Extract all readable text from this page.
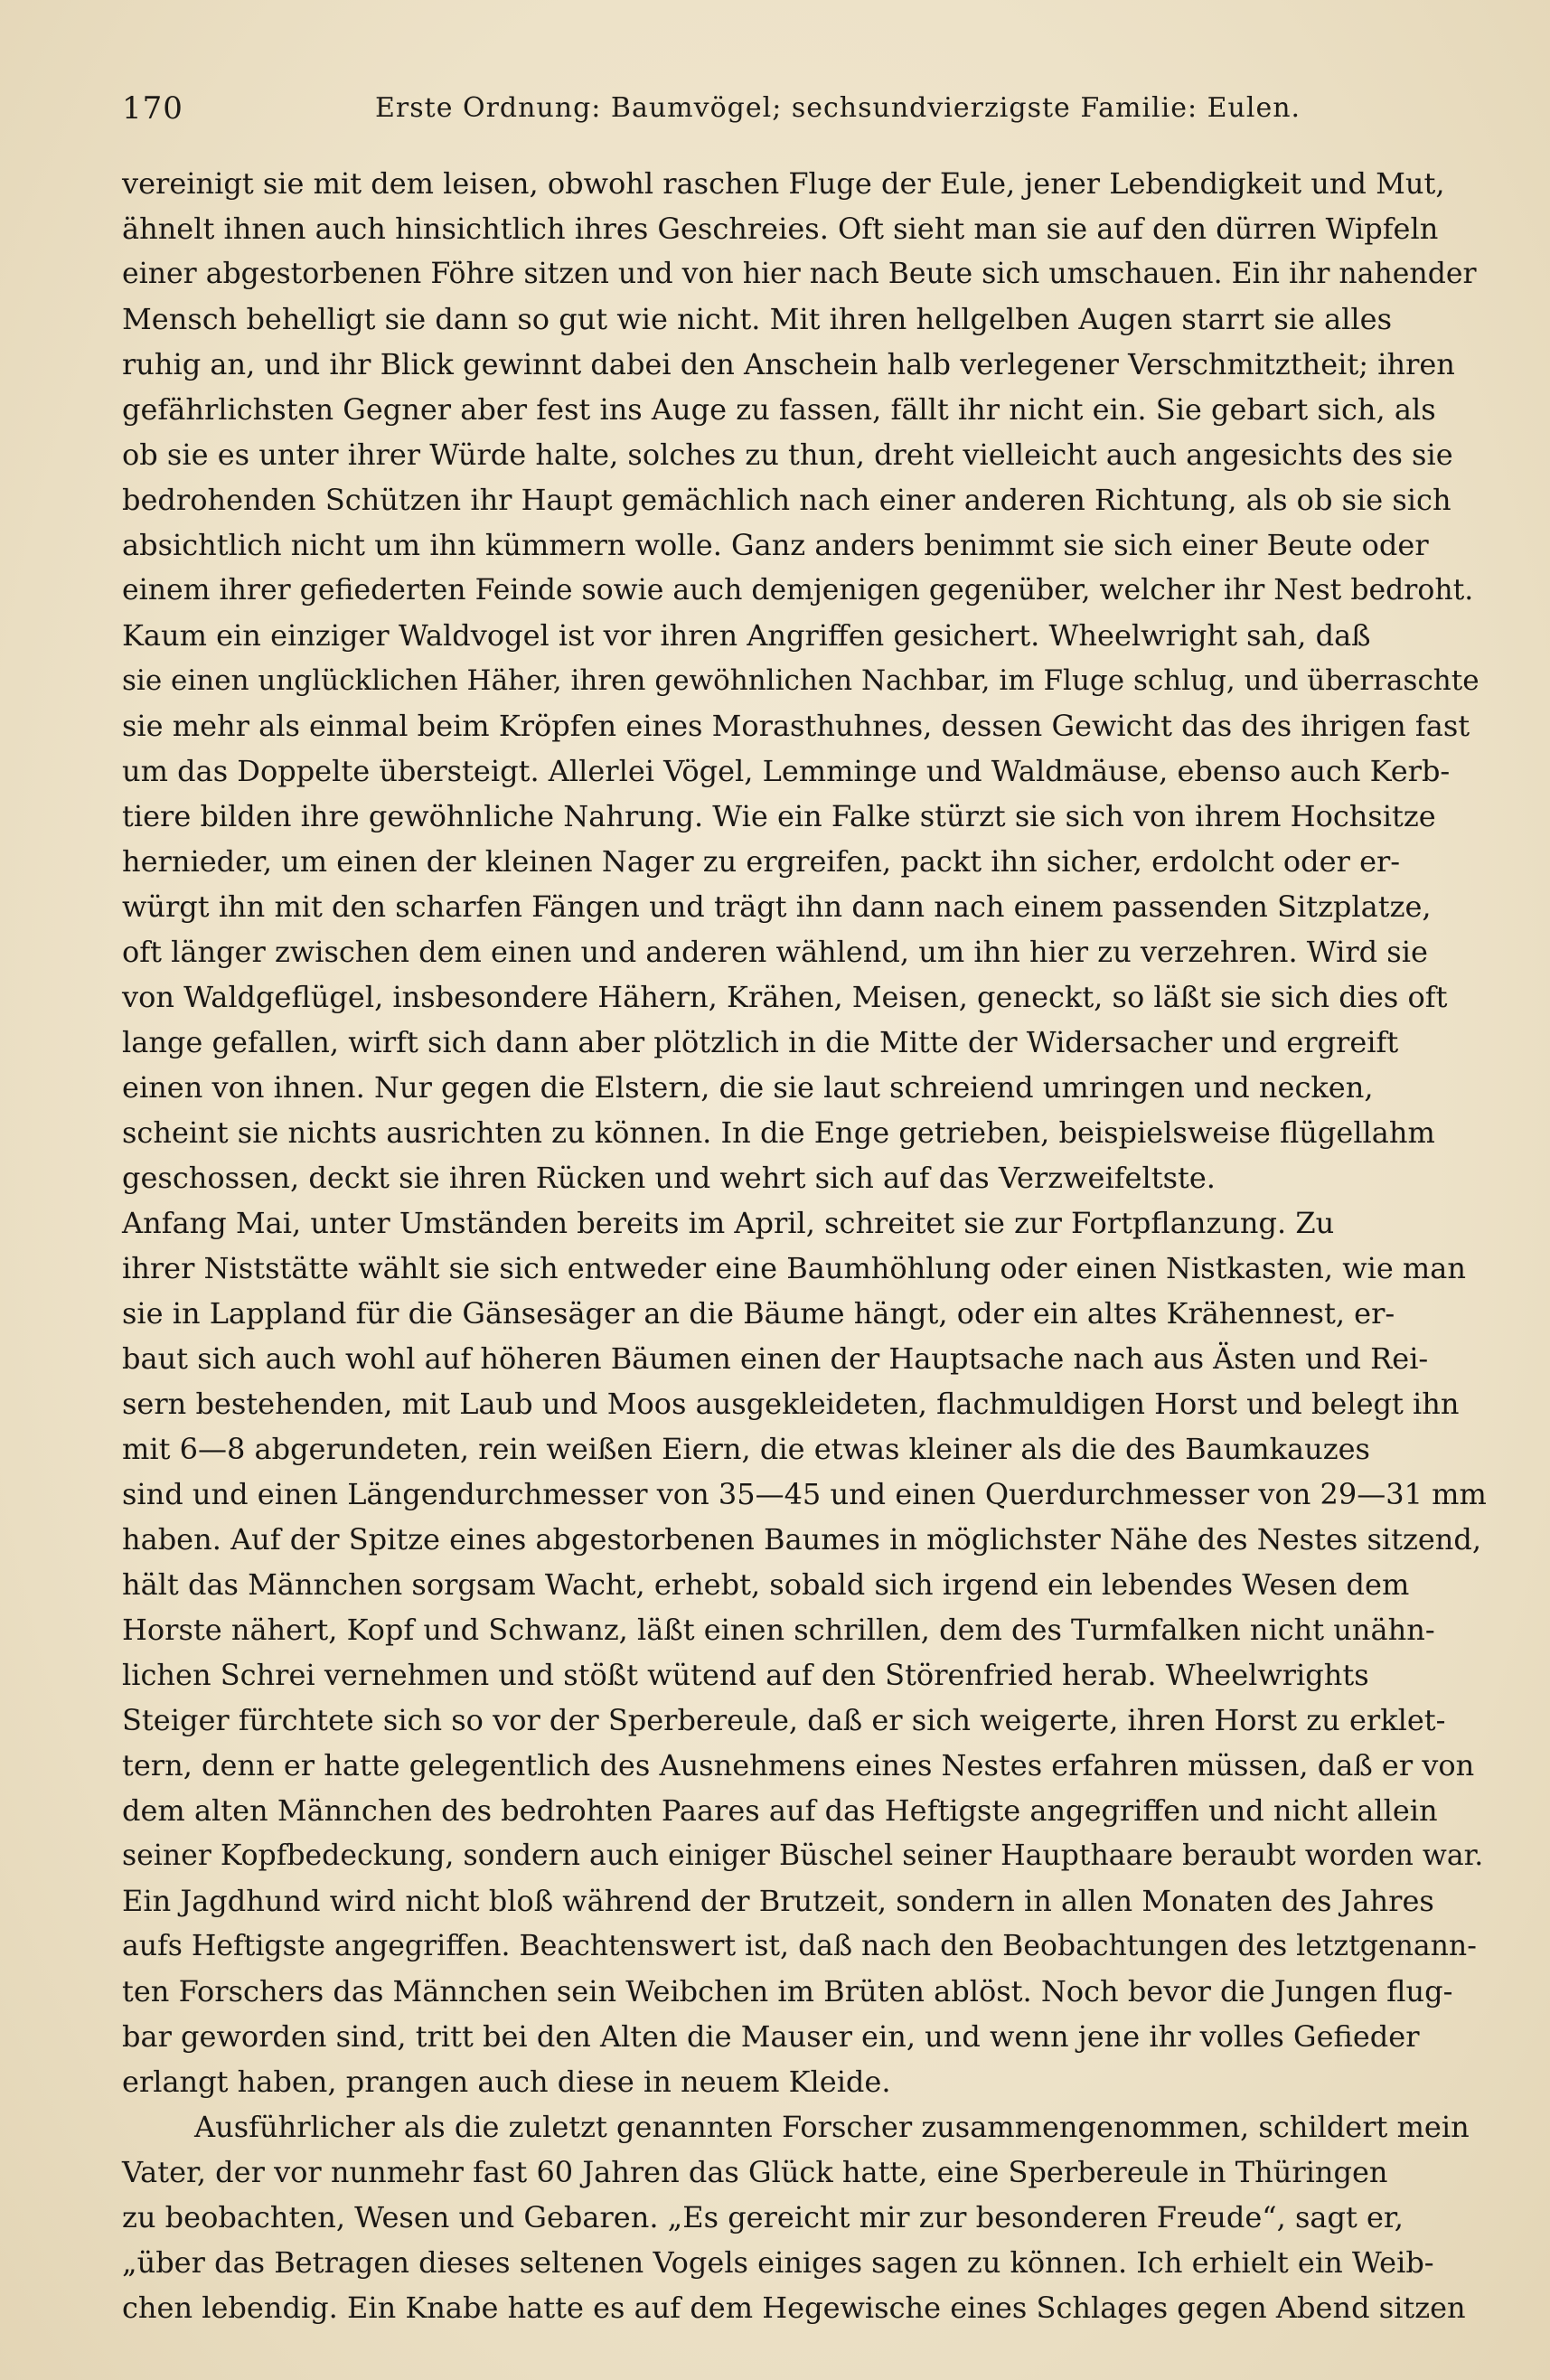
170	Erste Ordnung: Baumvögel; sechsundvierzigste Familie: Eulen.
vereinigt sie mit dem leisen, obwohl raschen Fluge der Eule, jener Lebendigkeit und Mut,
ähnelt ihnen auch hinsichtlich ihres Geschreies. Oft sieht man sie auf den dürren Wipfeln
einer abgestorbenen Föhre sitzen und von hier nach Beute sich umschauen. Ein ihr nahender
Mensch behelligt sie dann so gut wie nicht. Mit ihren hellgelben Augen starrt sie alles
ruhig an, und ihr Blick gewinnt dabei den Anschein halb verlegener Verschmitztheit; ihren
gefährlichsten Gegner aber fest ins Auge zu fassen, fällt ihr nicht ein. Sie gebart sich, als
ob sie es unter ihrer Würde halte, solches zu thun, dreht vielleicht auch angesichts des sie
bedrohenden Schützen ihr Haupt gemächlich nach einer anderen Richtung, als ob sie sich
absichtlich nicht um ihn kümmern wolle. Ganz anders benimmt sie sich einer Beute oder
einem ihrer gefiederten Feinde sowie auch demjenigen gegenüber, welcher ihr Nest bedroht.
Kaum ein einziger Waldvogel ist vor ihren Angriffen gesichert. Wheelwright sah, daß
sie einen unglücklichen Häher, ihren gewöhnlichen Nachbar, im Fluge schlug, und überraschte
sie mehr als einmal beim Kröpfen eines Morasthuhnes, dessen Gewicht das des ihrigen fast
um das Doppelte übersteigt. Allerlei Vögel, Lemminge und Waldmäuse, ebenso auch Kerb-
tiere bilden ihre gewöhnliche Nahrung. Wie ein Falke stürzt sie sich von ihrem Hochsitze
hernieder, um einen der kleinen Nager zu ergreifen, packt ihn sicher, erdolcht oder er-
würgt ihn mit den scharfen Fängen und trägt ihn dann nach einem passenden Sitzplatze,
oft länger zwischen dem einen und anderen wählend, um ihn hier zu verzehren. Wird sie
von Waldgeflügel, insbesondere Hähern, Krähen, Meisen, geneckt, so läßt sie sich dies oft
lange gefallen, wirft sich dann aber plötzlich in die Mitte der Widersacher und ergreift
einen von ihnen. Nur gegen die Elstern, die sie laut schreiend umringen und necken,
scheint sie nichts ausrichten zu können. In die Enge getrieben, beispielsweise flügellahm
geschossen, deckt sie ihren Rücken und wehrt sich auf das Verzweifeltste.
Anfang Mai, unter Umständen bereits im April, schreitet sie zur Fortpflanzung. Zu
ihrer Niststätte wählt sie sich entweder eine Baumhöhlung oder einen Nistkasten, wie man
sie in Lappland für die Gänsesäger an die Bäume hängt, oder ein altes Krähennest, er-
baut sich auch wohl auf höheren Bäumen einen der Hauptsache nach aus Ästen und Rei-
sern bestehenden, mit Laub und Moos ausgekleideten, flachmuldigen Horst und belegt ihn
mit 6—8 abgerundeten, rein weißen Eiern, die etwas kleiner als die des Baumkauzes
sind und einen Längendurchmesser von 35—45 und einen Querdurchmesser von 29—31 mm
haben. Auf der Spitze eines abgestorbenen Baumes in möglichster Nähe des Nestes sitzend,
hält das Männchen sorgsam Wacht, erhebt, sobald sich irgend ein lebendes Wesen dem
Horste nähert, Kopf und Schwanz, läßt einen schrillen, dem des Turmfalken nicht unähn-
lichen Schrei vernehmen und stößt wütend auf den Störenfried herab. Wheelwrights
Steiger fürchtete sich so vor der Sperbereule, daß er sich weigerte, ihren Horst zu erklet-
tern, denn er hatte gelegentlich des Ausnehmens eines Nestes erfahren müssen, daß er von
dem alten Männchen des bedrohten Paares auf das Heftigste angegriffen und nicht allein
seiner Kopfbedeckung, sondern auch einiger Büschel seiner Haupthaare beraubt worden war.
Ein Jagdhund wird nicht bloß während der Brutzeit, sondern in allen Monaten des Jahres
aufs Heftigste angegriffen. Beachtenswert ist, daß nach den Beobachtungen des letztgenann-
ten Forschers das Männchen sein Weibchen im Brüten ablöst. Noch bevor die Jungen flug-
bar geworden sind, tritt bei den Alten die Mauser ein, und wenn jene ihr volles Gefieder
erlangt haben, prangen auch diese in neuem Kleide.
Ausführlicher als die zuletzt genannten Forscher zusammengenommen, schildert mein
Vater, der vor nunmehr fast 60 Jahren das Glück hatte, eine Sperbereule in Thüringen
zu beobachten, Wesen und Gebaren. „Es gereicht mir zur besonderen Freude“, sagt er,
„über das Betragen dieses seltenen Vogels einiges sagen zu können. Ich erhielt ein Weib-
chen lebendig. Ein Knabe hatte es auf dem Hegewische eines Schlages gegen Abend sitzen
